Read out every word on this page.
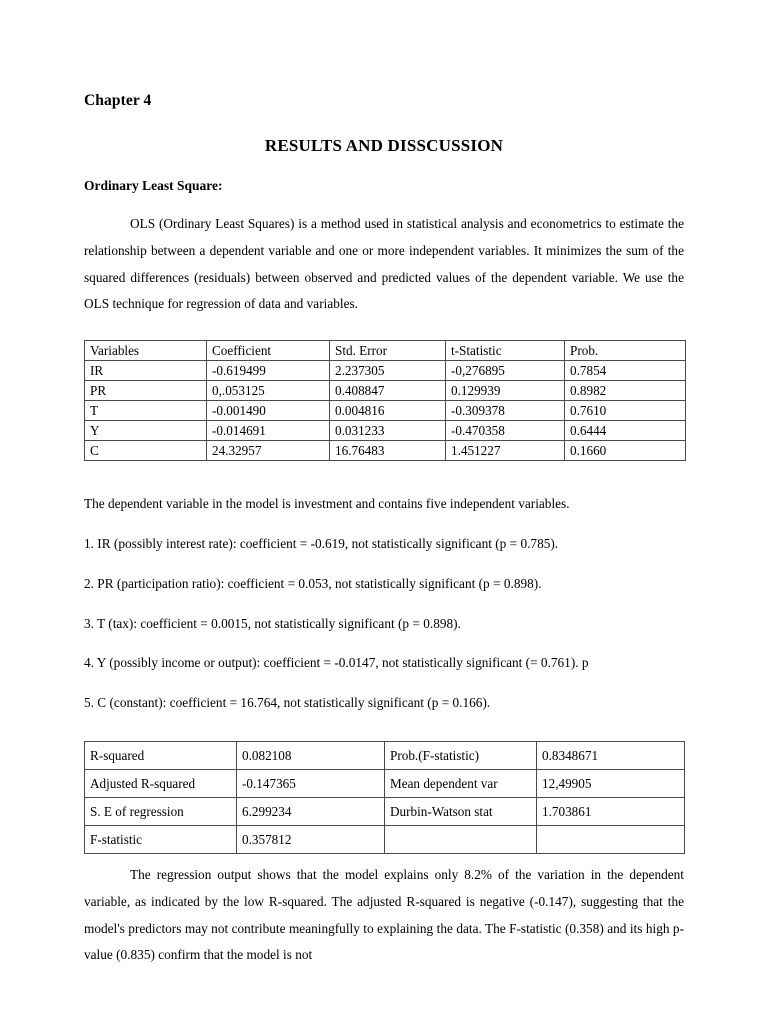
Chapter 4
RESULTS AND DISSCUSSION

Ordinary Least Square:

OLS (Ordinary Least Squares) is a method used in statistical analysis and econometrics to estimate the relationship between a dependent variable and one or more independent variables. It minimizes the sum of the squared differences (residuals) between observed and predicted values of the dependent variable. We use the OLS technique for regression of data and variables.

Variables	Coefficient	Std. Error	t-Statistic	Prob.
IR	-0.619499	2.237305	-0,276895	0.7854
PR	0,.053125	0.408847	0.129939	0.8982
T	-0.001490	0.004816	-0.309378	0.7610
Y	-0.014691	0.031233	-0.470358	0.6444
C	24.32957	16.76483	1.451227	0.1660

The dependent variable in the model is investment and contains five independent variables.

1. IR (possibly interest rate): coefficient = -0.619, not statistically significant (p = 0.785).

2. PR (participation ratio): coefficient = 0.053, not statistically significant (p = 0.898).

3. T (tax): coefficient = 0.0015, not statistically significant (p = 0.898).

4. Y (possibly income or output): coefficient = -0.0147, not statistically significant (= 0.761). p

5. C (constant): coefficient = 16.764, not statistically significant (p = 0.166).

R-squared	0.082108	Prob.(F-statistic)	0.8348671
Adjusted R-squared	-0.147365	Mean dependent var	12,49905
S. E of regression	6.299234	Durbin-Watson stat	1.703861
F-statistic	0.357812		

The regression output shows that the model explains only 8.2% of the variation in the dependent variable, as indicated by the low R-squared. The adjusted R-squared is negative (-0.147), suggesting that the model's predictors may not contribute meaningfully to explaining the data. The F-statistic (0.358) and its high p-value (0.835) confirm that the model is not
